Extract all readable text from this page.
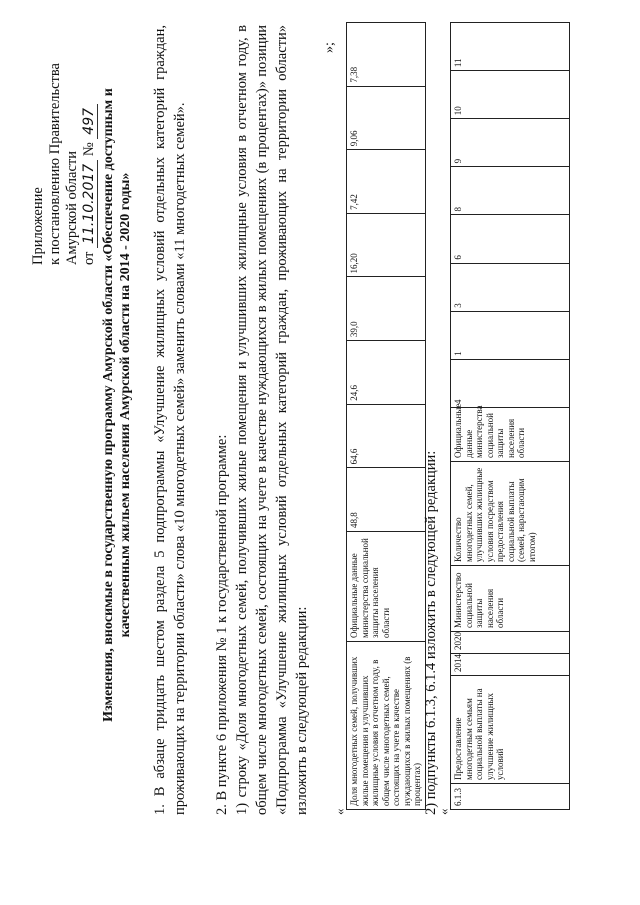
Приложение к постановлению Правительства Амурской области от 11.10.2017 № 497 Изменения, вносимые в государственную программу Амурской области «Обеспечение доступным и качественным жильем населения Амурской области на 2014 - 2020 годы» 1. В абзаце тридцать шестом раздела 5 подпрограммы «Улучшение жилищных условий отдельных категорий граждан, проживающих на территории области» слова «10 многодетных семей» заменить словами «11 многодетных семей». 2. В пункте 6 приложения № 1 к государственной программе: 1) строку «Доля многодетных семей, получивших жилые помещения и улучшивших жилищные условия в отчетном году, в общем числе многодетных семей, состоящих на учете в качестве нуждающихся в жилых помещениях (в процентах)» позиции «Подпрограмма «Улучшение жилищных условий отдельных категорий граждан, проживающих на территории области» изложить в следующей редакции: «
»;
Доля многодетных семей, получивших жилые помещения и улучшивших жилищные условия в отчетном году, в общем числе многодетных семей, состоящих на учете в качестве нуждающихся в жилых помещениях (в процентах)	Официальные данные министерства социальной защиты населения области	48,8	64,6	24,6	39,0	16,20	7,42	9,06	7,38
2) подпункты 6.1.3, 6.1.4 изложить в следующей редакции:
«
6.1.3	Предоставление многодетным семьям социальной выплаты на улучшение жилищных условий	2014	2020	Министерство социальной защиты населения области	Количество многодетных семей, улучшивших жилищные условия посредством предоставления социальной выплаты (семей, нарастающим итогом)	Официальные данные министерства социальной защиты населения области	4	1	3	6	8	9	10	11
